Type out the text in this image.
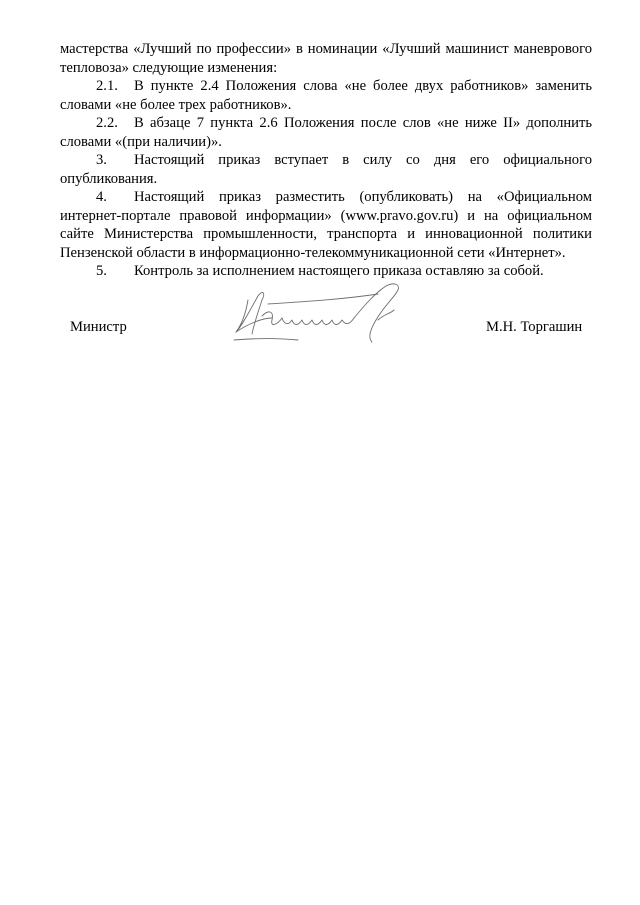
мастерства «Лучший по профессии» в номинации «Лучший машинист маневрового тепловоза» следующие изменения:

2.1. В пункте 2.4 Положения слова «не более двух работников» заменить словами «не более трех работников».

2.2. В абзаце 7 пункта 2.6 Положения после слов «не ниже II» дополнить словами «(при наличии)».

3. Настоящий приказ вступает в силу со дня его официального опубликования.

4. Настоящий приказ разместить (опубликовать) на «Официальном интернет-портале правовой информации» (www.pravo.gov.ru) и на официальном сайте Министерства промышленности, транспорта и инновационной политики Пензенской области в информационно-телекоммуникационной сети «Интернет».

5. Контроль за исполнением настоящего приказа оставляю за собой.

Министр	М.Н. Торгашин
